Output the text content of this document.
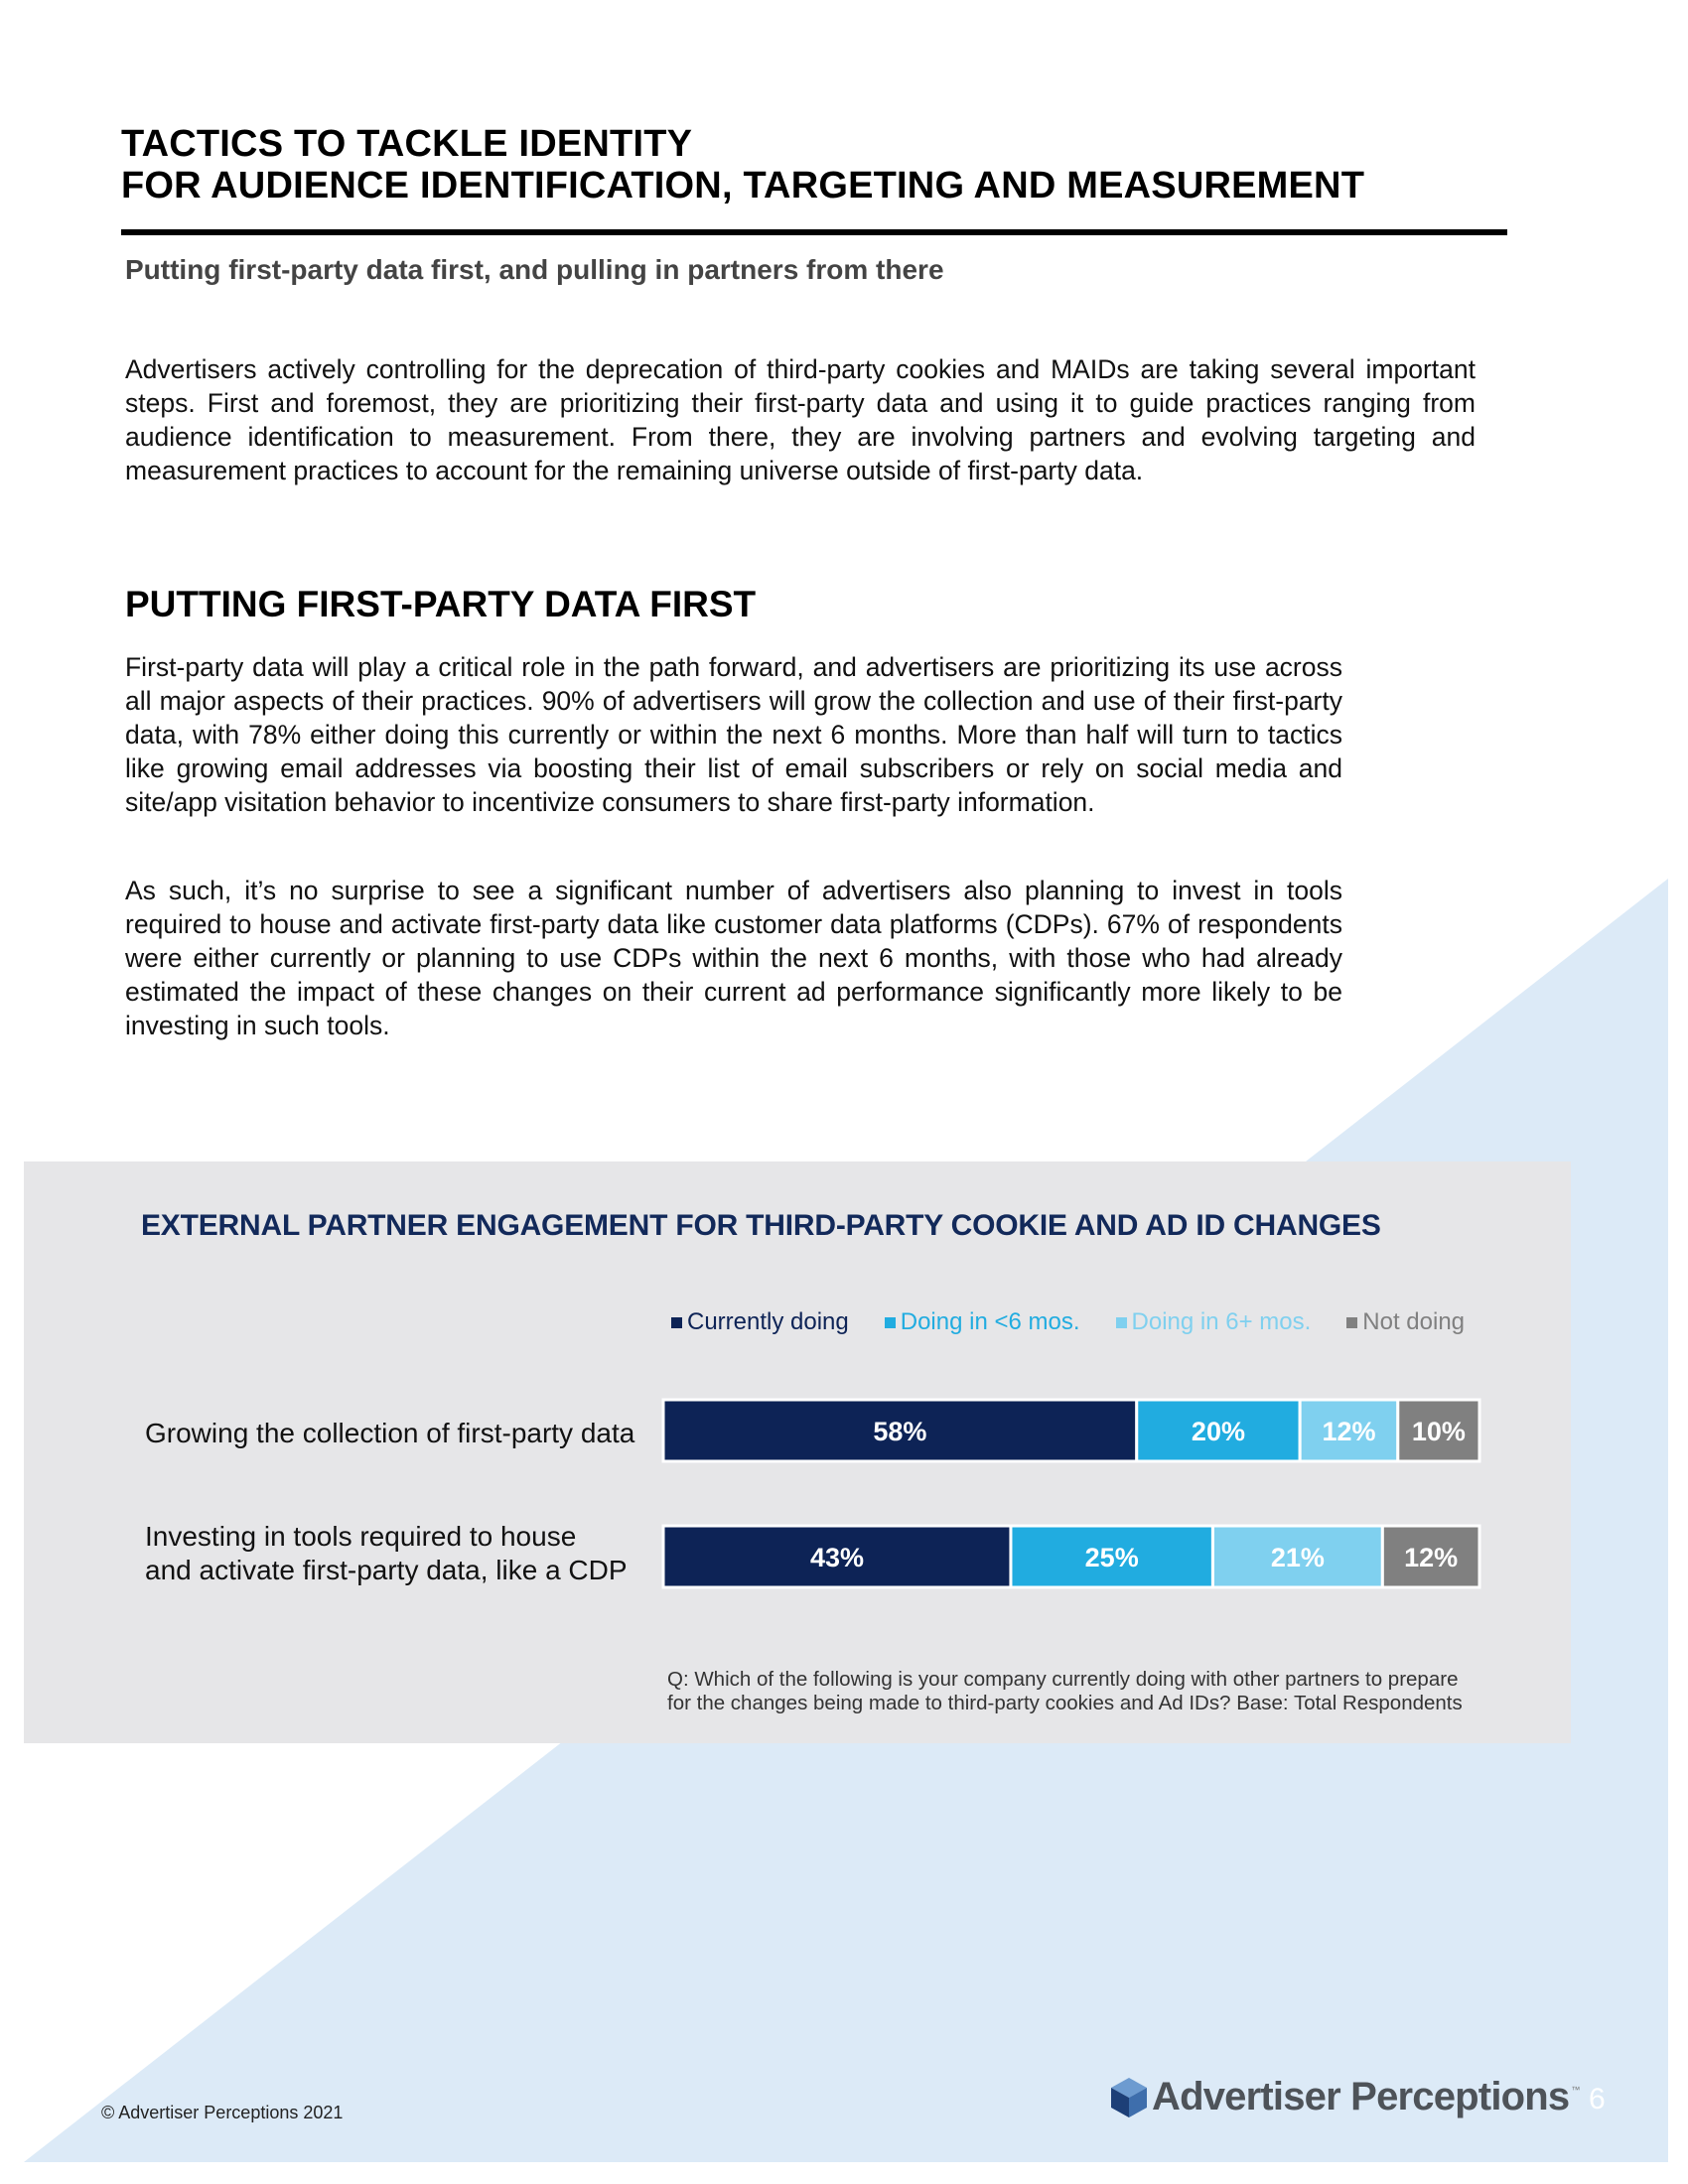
TACTICS TO TACKLE IDENTITY
FOR AUDIENCE IDENTIFICATION, TARGETING AND MEASUREMENT
Putting first-party data first, and pulling in partners from there

Advertisers actively controlling for the deprecation of third-party cookies and MAIDs are taking several important steps. First and foremost, they are prioritizing their first-party data and using it to guide practices ranging from audience identification to measurement. From there, they are involving partners and evolving targeting and measurement practices to account for the remaining universe outside of first-party data.

PUTTING FIRST-PARTY DATA FIRST

First-party data will play a critical role in the path forward, and advertisers are prioritizing its use across all major aspects of their practices. 90% of advertisers will grow the collection and use of their first-party data, with 78% either doing this currently or within the next 6 months. More than half will turn to tactics like growing email addresses via boosting their list of email subscribers or rely on social media and site/app visitation behavior to incentivize consumers to share first-party information.

As such, it’s no surprise to see a significant number of advertisers also planning to invest in tools required to house and activate first-party data like customer data platforms (CDPs). 67% of respondents were either currently or planning to use CDPs within the next 6 months, with those who had already estimated the impact of these changes on their current ad performance significantly more likely to be investing in such tools.

EXTERNAL PARTNER ENGAGEMENT FOR THIRD-PARTY COOKIE AND AD ID CHANGES
Currently doing Doing in <6 mos. Doing in 6+ mos. Not doing
Growing the collection of first-party data
Investing in tools required to house
and activate first-party data, like a CDP
58%	20%	12% 10%
43%	25%	21%	12%
Q: Which of the following is your company currently doing with other partners to prepare
for the changes being made to third-party cookies and Ad IDs? Base: Total Respondents
© Advertiser Perceptions 2021	Advertiser Perceptions ™ 6
